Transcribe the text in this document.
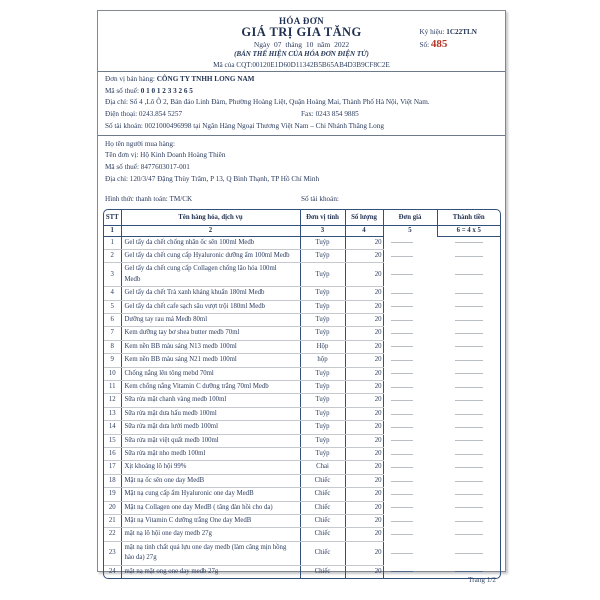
HÓA ĐƠN
GIÁ TRỊ GIA TĂNG
Ngày 07 tháng 10 năm 2022
(BẢN THỂ HIỆN CỦA HÓA ĐƠN ĐIỆN TỬ)
Mã của CQT:00120E1D60D11342B5B65AB4D3B9CF8C2E
Ký hiệu: 1C22TLN
Số: 485
Đơn vị bán hàng: CÔNG TY TNHH LONG NAM
Mã số thuế: 0 1 0 1 2 3 3 2 6 5
Địa chỉ: Số 4 ,Lô Ô 2, Bán đảo Linh Đàm, Phường Hoàng Liệt, Quận Hoàng Mai, Thành Phố Hà Nội, Việt Nam.
Điện thoại: 0243.854 5257	Fax: 0243 854 9885
Số tài khoản: 0021000496998 tại Ngân Hàng Ngoại Thương Việt Nam – Chi Nhánh Thăng Long
Họ tên người mua hàng:
Tên đơn vị: Hộ Kinh Doanh Hoàng Thiên
Mã số thuế: 8477603017-001
Địa chỉ: 120/3/47 Đặng Thùy Trâm, P 13, Q Bình Thạnh, TP Hồ Chí Minh
Hình thức thanh toán: TM/CK	Số tài khoản:
STT	Tên hàng hóa, dịch vụ	Đơn vị tính	Số lượng	Đơn giá	Thành tiền
1	2	3	4	5	6 = 4 x 5
1	Gel tẩy da chết chống nhăn ốc sên 100ml Medb	Tuýp	20	

2	Gel tẩy da chết cung cấp Hyaluronic dưỡng ẩm 100ml Medb	Tuýp	20	

3	Gel tẩy da chết cung cấp Collagen chống lão hóa 100ml Medb	Tuýp	20	

4	Gel tẩy da chết Trà xanh kháng khuẩn 180ml Medb	Tuýp	20	

5	Gel tẩy da chết cafe sạch sâu vượt trội 180ml Medb	Tuýp	20	

6	Dưỡng tay rau má Medb 80ml	Tuýp	20	

7	Kem dưỡng tay bơ shea butter medb 70ml	Tuýp	20	

8	Kem nền BB màu sáng N13 medb 100ml	Hộp	20	

9	Kem nền BB màu sáng N21 medb 100ml	hộp	20	

10	Chống nắng lên tông mebd 70ml	Tuýp	20	

11	Kem chống nắng Vitamin C dưỡng trắng 70ml Medb	Tuýp	20	

12	Sữa rửa mặt chanh vàng medb 100ml	Tuýp	20	

13	Sữa rửa mặt dưa hấu medb 100ml	Tuýp	20	

14	Sữa rửa mặt dưa lưới medb 100ml	Tuýp	20	

15	Sữa rửa mặt việt quất medb 100ml	Tuýp	20	

16	Sữa rửa mặt nho medb 100ml	Tuýp	20	

17	Xịt khoáng lô hội 99%	Chai	20	

18	Mặt nạ ốc sên one day MedB	Chiếc	20	

19	Mặt nạ cung cấp ẩm Hyaluronic one day MedB	Chiếc	20	

20	Mặt nạ Collagen one day MedB ( tăng đàn hồi cho da)	Chiếc	20	

21	Mặt nạ Vitamin C dưỡng trắng One day MedB	Chiếc	20	

22	mặt nạ lô hội one day medb 27g	Chiếc	20	

23	mặt nạ tinh chất quả lựu one day medb (làm căng mịn hồng hào da) 27g	Chiếc	20	

24	mặt nạ mật ong one day medb 27g	Chiếc	20	

Trang 1/2
